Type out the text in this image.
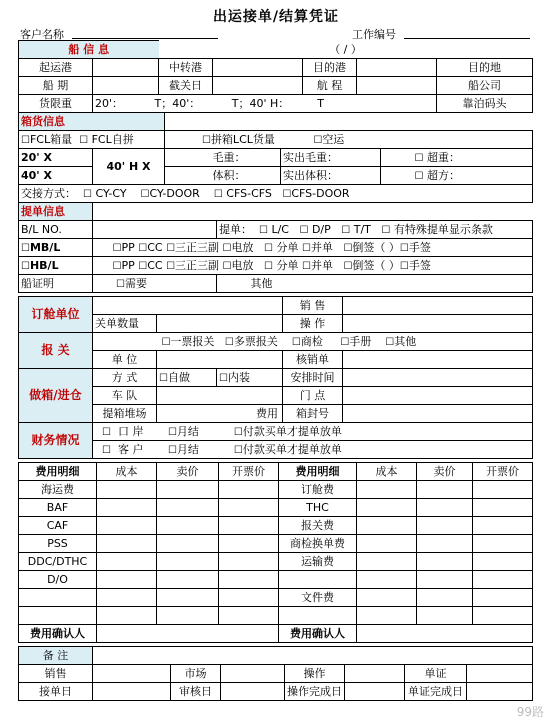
出运接单/结算凭证
客户名称	工作编号
船 信 息		（ / ）				
起运港		中转港		目的港		目的地
船 期		截关日		航 程		船公司
货限重	20'： T；40'： T；40' H： T					靠泊码头
箱货信息				
☐ FCL箱量 ☐ FCL自拼	☐拼箱LCL货量 ☐ 空运
20' X	40' H X	毛重：	实出毛重：	☐超重：
40' X		体积：	实出体积：	☐超方：
交接方式： ☐ CY-CY ☐ CY-DOOR ☐ CFS-CFS ☐ CFS-DOOR
提单信息		
B/L NO.		提单： ☐ L/C ☐ D/P ☐ T/T ☐ 有特殊提单显示条款
☐ MB/L	☐PP ☐ CC ☐ 三正三副 ☐ 电放 ☐ 分单 ☐ 并单 ☐ 倒签（ ） ☐ 手签
☐ HB/L	☐PP ☐ CC ☐ 三正三副 ☐ 电放 ☐ 分单 ☐ 并单 ☐ 倒签（ ） ☐ 手签
船证明	☐需要	其他
订舱单位				销 售	
	关单数量			操 作	
报 关	☐ 一票报关 ☐ 多票报关 ☐ 商检 ☐ 手册 ☐ 其他
	单 位			核销单	
做箱/进仓	方 式	☐自做	☐内装	安排时间	
	车 队			门 点	
	提箱堆场	费用		箱封号	
财务情况	☐   口 岸 ☐ 月结 ☐ 付款买单才提单放单
☐   客 户 ☐ 月结 ☐ 付款买单才提单放单
费用明细	成本	卖价	开票价	费用明细	成本	卖价	开票价
海运费				订舱费			
BAF				THC			
CAF				报关费			
PSS				商检换单费			
DDC/DTHC				运输费			
D/O							
				文件费			

费用确认人				费用确认人			
备 注							
销售		市场		操作		单证	
接单日		审核日		操作完成日		单证完成日	
99路
